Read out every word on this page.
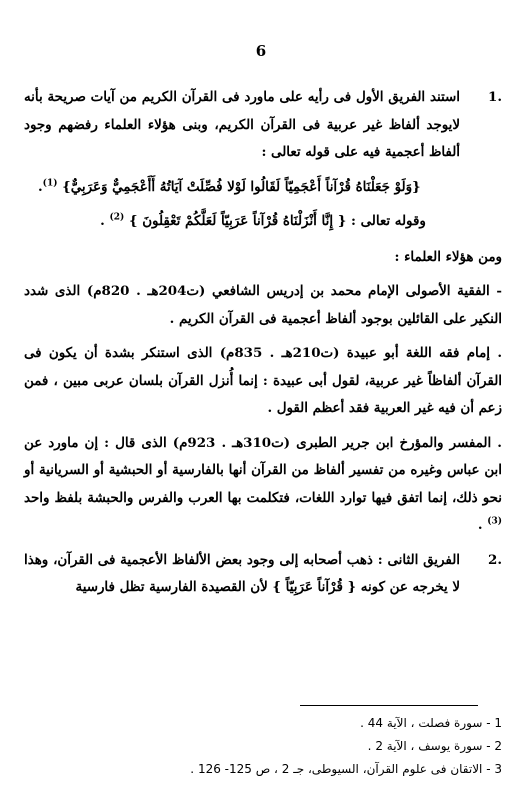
6

1.
استند الفريق الأول فى رأيه على ماورد فى القرآن الكريم من آيات صريحة بأنه لايوجد ألفاظ غير عربية فى القرآن الكريم، وبنى هؤلاء العلماء رفضهم وجود ألفاظ أعجمية فيه على قوله تعالى :

{وَلَوْ جَعَلْنَاهُ قُرْآناً أَعْجَمِيّاً لَقَالُوا لَوْلا فُصِّلَتْ آيَاتُهُ أَأَعْجَمِيٌّ وَعَرَبِيٌّ} $^{(1)}$.

وقوله تعالى : { إِنَّا أَنْزَلْنَاهُ قُرْآناً عَرَبِيّاً لَعَلَّكُمْ تَعْقِلُونَ } $^{(2)}$ .

ومن هؤلاء العلماء :

- الفقية الأصولى الإمام محمد بن إدريس الشافعي (ت204هـ . 820م) الذى شدد النكير على القائلين بوجود ألفاظ أعجمية فى القرآن الكريم .

. إمام فقه اللغة أبو عبيدة (ت210هـ . 835م) الذى استنكر بشدة أن يكون فى القرآن ألفاظاً غير عربية، لقول أبى عبيدة : إنما أُنزل القرآن بلسان عربى مبين ، فمن زعم أن فيه غير العربية فقد أعظم القول .

. المفسر والمؤرخ ابن جرير الطبرى (ت310هـ . 923م) الذى قال : إن ماورد عن ابن عباس وغيره من تفسير ألفاظ من القرآن أنها بالفارسية أو الحبشية أو السريانية أو نحو ذلك، إنما اتفق فيها توارد اللغات، فتكلمت بها العرب والفرس والحبشة بلفظ واحد $^{(3)}$ .

2.
الفريق الثانى : ذهب أصحابه إلى وجود بعض الألفاظ الأعجمية فى القرآن، وهذا لا يخرجه عن كونه { قُرْآناً عَرَبِيّاً } لأن القصيدة الفارسية تظل فارسية

1 - سورة فصلت ، الآية 44 .

2 - سورة يوسف ، الآية 2 .

3 - الاتقان فى علوم القرآن، السيوطى، جـ 2 ، ص 125- 126 .
